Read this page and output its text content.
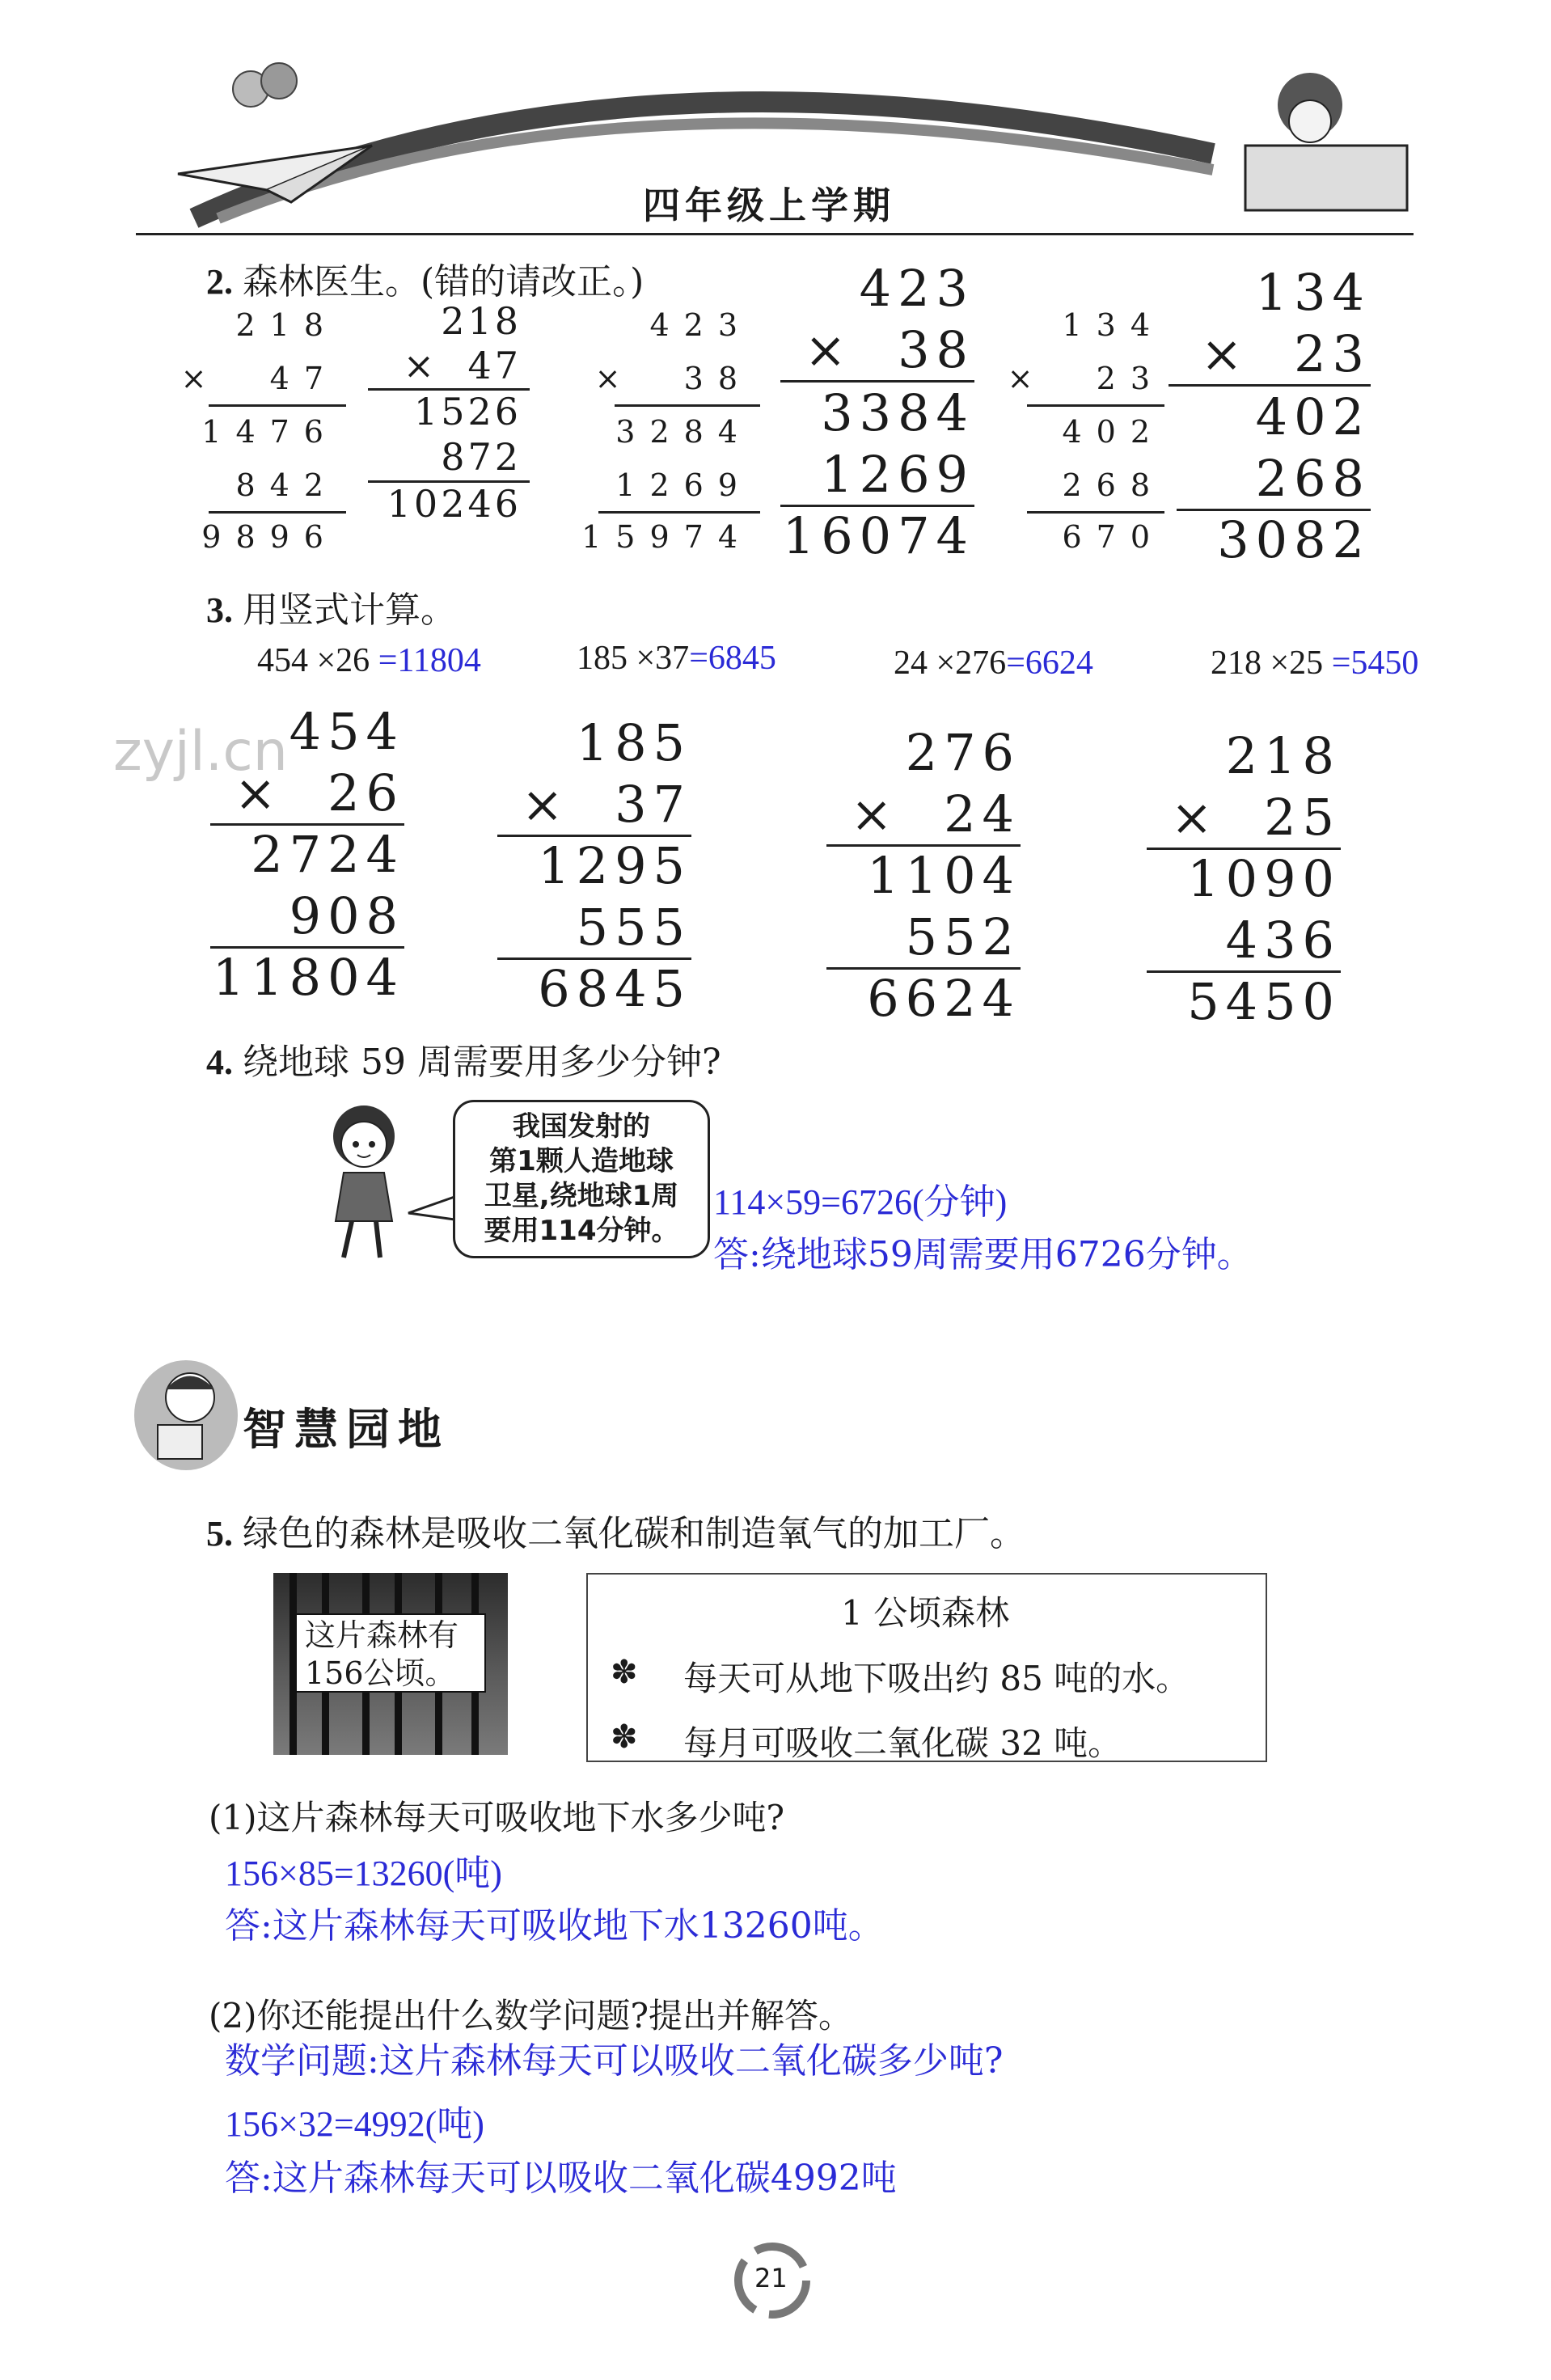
四年级上学期
2. 森林医生。(错的请改正。)
218
×  47
1476
842
9896
218
×  47
1526
872
10246
423
×  38
3284
1269
15974
423
×  38
3384
1269
16074
134
×  23
402
268
670
134
×  23
402
268
3082
3. 用竖式计算。
454 ×26 =11804	185 ×37=6845	24 ×276=6624	218 ×25 =5450
zyjl.cn 454
×  26
2724
908
11804
185
×  37
1295
555
6845
276
×  24
1104
552
6624
218
×  25
1090
436
5450
4. 绕地球 59 周需要用多少分钟?
我国发射的
第1颗人造地球
卫星,绕地球1周
要用114分钟。
114×59=6726(分钟)
答:绕地球59周需要用6726分钟。
智慧园地
5. 绿色的森林是吸收二氧化碳和制造氧气的加工厂。
这片森林有
156公顷。
1 公顷森林
✽ 每天可从地下吸出约 85 吨的水。
✽ 每月可吸收二氧化碳 32 吨。
(1)这片森林每天可吸收地下水多少吨?
156×85=13260(吨)
答:这片森林每天可吸收地下水13260吨。
(2)你还能提出什么数学问题?提出并解答。
数学问题:这片森林每天可以吸收二氧化碳多少吨?
156×32=4992(吨)
答:这片森林每天可以吸收二氧化碳4992吨
21
